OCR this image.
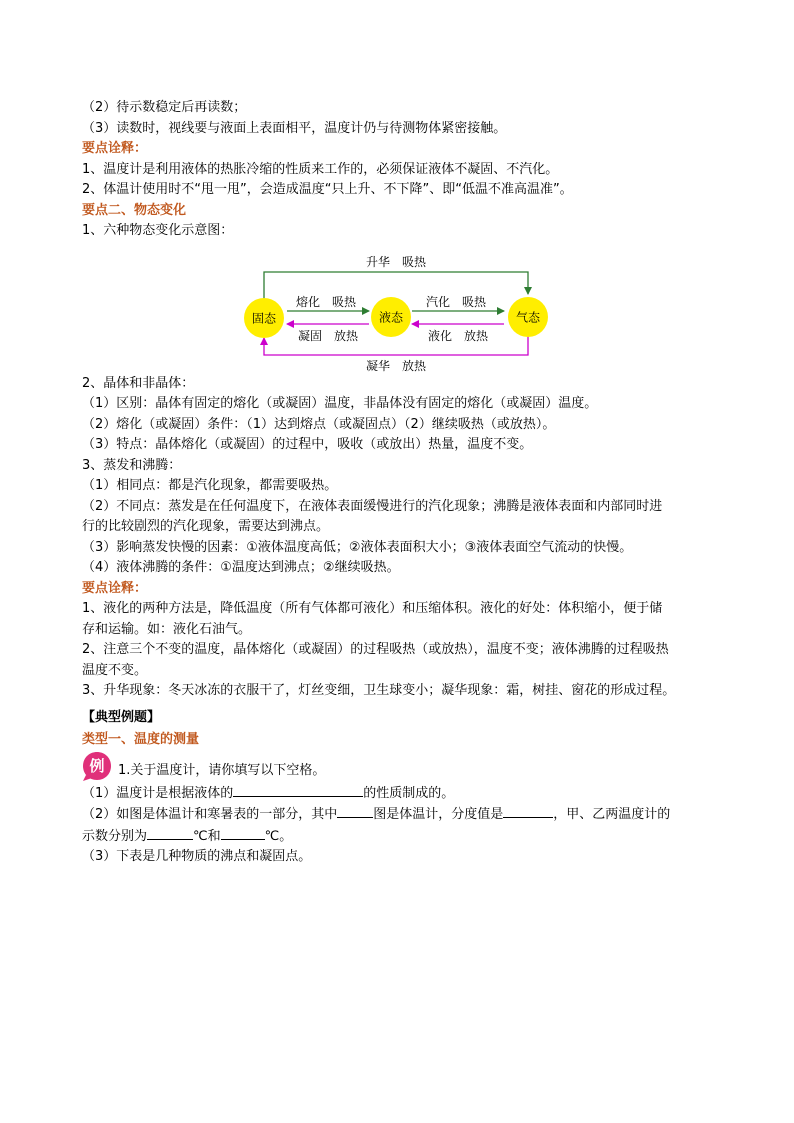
（2）待示数稳定后再读数；
（3）读数时，视线要与液面上表面相平，温度计仍与待测物体紧密接触。
要点诠释：
1、温度计是利用液体的热胀冷缩的性质来工作的，必须保证液体不凝固、不汽化。
2、体温计使用时不“甩一甩”，会造成温度“只上升、不下降”、即“低温不准高温准”。
要点二、物态变化
1、六种物态变化示意图：
升华　吸热
凝华　放热
熔化　吸热
凝固　放热
汽化　吸热
液化　放热
固态	液态	气态
2、晶体和非晶体：
（1）区别：晶体有固定的熔化（或凝固）温度，非晶体没有固定的熔化（或凝固）温度。
（2）熔化（或凝固）条件：（1）达到熔点（或凝固点）（2）继续吸热（或放热）。
（3）特点：晶体熔化（或凝固）的过程中，吸收（或放出）热量，温度不变。
3、蒸发和沸腾：
（1）相同点：都是汽化现象，都需要吸热。
（2）不同点：蒸发是在任何温度下，在液体表面缓慢进行的汽化现象；沸腾是液体表面和内部同时进
行的比较剧烈的汽化现象，需要达到沸点。
（3）影响蒸发快慢的因素：①液体温度高低；②液体表面积大小；③液体表面空气流动的快慢。
（4）液体沸腾的条件：①温度达到沸点；②继续吸热。
要点诠释：
1、液化的两种方法是，降低温度（所有气体都可液化）和压缩体积。液化的好处：体积缩小，便于储
存和运输。如：液化石油气。
2、注意三个不变的温度，晶体熔化（或凝固）的过程吸热（或放热），温度不变；液体沸腾的过程吸热
温度不变。
3、升华现象：冬天冰冻的衣服干了，灯丝变细，卫生球变小；凝华现象：霜，树挂、窗花的形成过程。
【典型例题】
类型一、温度的测量
例 1.关于温度计，请你填写以下空格。
（1）温度计是根据液体的	的性质制成的。
（2）如图是体温计和寒暑表的一部分，其中	图是体温计，分度值是	，甲、乙两温度计的
示数分别为	℃和	℃。
（3）下表是几种物质的沸点和凝固点。
